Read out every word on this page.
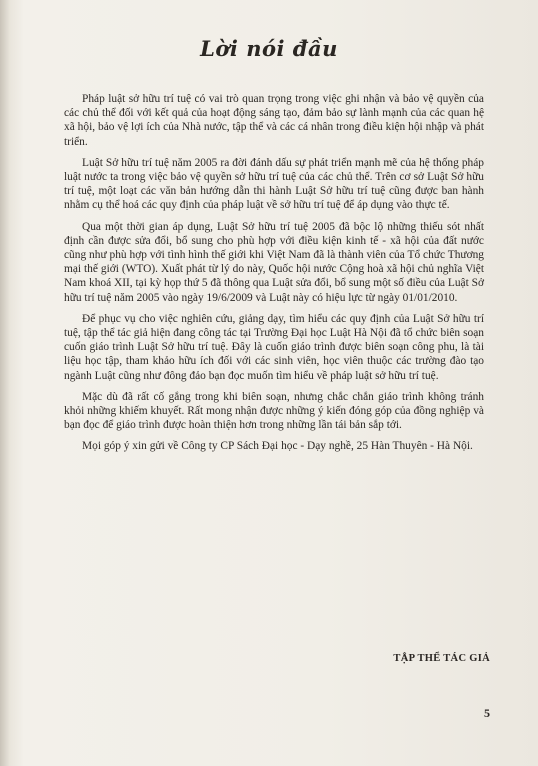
Lời nói đầu

Pháp luật sở hữu trí tuệ có vai trò quan trọng trong việc ghi nhận và bảo vệ quyền của các chủ thể đối với kết quả của hoạt động sáng tạo, đảm bảo sự lành mạnh của các quan hệ xã hội, bảo vệ lợi ích của Nhà nước, tập thể và các cá nhân trong điều kiện hội nhập và phát triển.

Luật Sở hữu trí tuệ năm 2005 ra đời đánh dấu sự phát triển mạnh mẽ của hệ thống pháp luật nước ta trong việc bảo vệ quyền sở hữu trí tuệ của các chủ thể. Trên cơ sở Luật Sở hữu trí tuệ, một loạt các văn bản hướng dẫn thi hành Luật Sở hữu trí tuệ cũng được ban hành nhằm cụ thể hoá các quy định của pháp luật về sở hữu trí tuệ để áp dụng vào thực tế.

Qua một thời gian áp dụng, Luật Sở hữu trí tuệ 2005 đã bộc lộ những thiếu sót nhất định cần được sửa đổi, bổ sung cho phù hợp với điều kiện kinh tế - xã hội của đất nước cũng như phù hợp với tình hình thế giới khi Việt Nam đã là thành viên của Tổ chức Thương mại thế giới (WTO). Xuất phát từ lý do này, Quốc hội nước Cộng hoà xã hội chủ nghĩa Việt Nam khoá XII, tại kỳ họp thứ 5 đã thông qua Luật sửa đổi, bổ sung một số điều của Luật Sở hữu trí tuệ năm 2005 vào ngày 19/6/2009 và Luật này có hiệu lực từ ngày 01/01/2010.

Để phục vụ cho việc nghiên cứu, giảng dạy, tìm hiểu các quy định của Luật Sở hữu trí tuệ, tập thể tác giả hiện đang công tác tại Trường Đại học Luật Hà Nội đã tổ chức biên soạn cuốn giáo trình Luật Sở hữu trí tuệ. Đây là cuốn giáo trình được biên soạn công phu, là tài liệu học tập, tham khảo hữu ích đối với các sinh viên, học viên thuộc các trường đào tạo ngành Luật cũng như đông đảo bạn đọc muốn tìm hiểu về pháp luật sở hữu trí tuệ.

Mặc dù đã rất cố gắng trong khi biên soạn, nhưng chắc chắn giáo trình không tránh khỏi những khiếm khuyết. Rất mong nhận được những ý kiến đóng góp của đồng nghiệp và bạn đọc để giáo trình được hoàn thiện hơn trong những lần tái bản sắp tới.

Mọi góp ý xin gửi về Công ty CP Sách Đại học - Dạy nghề, 25 Hàn Thuyên - Hà Nội.

TẬP THỂ TÁC GIẢ
5
